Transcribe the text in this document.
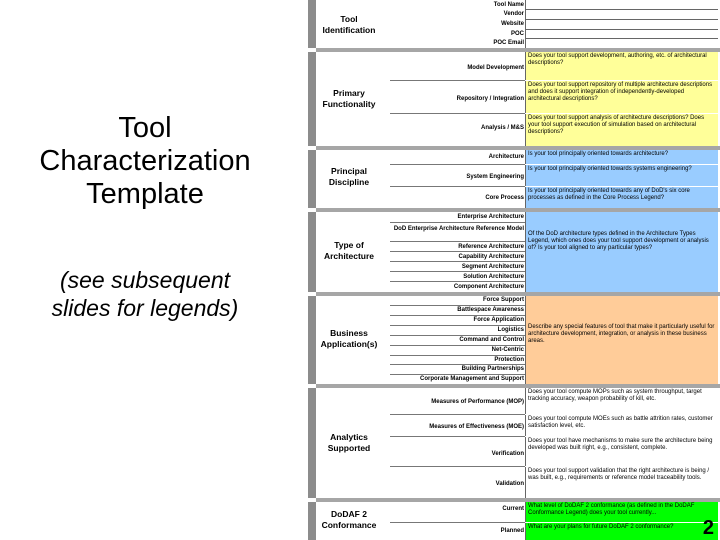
Tool
Characterization
Template
(see subsequent
slides for legends)
Tool
Identification
Tool Name
Vendor
Website
POC
POC Email
Primary
Functionality
Model Development
Repository / Integration
Analysis / M&S
Does your tool support development, authoring, etc. of architectural descriptions?
Does your tool support repository of multiple architecture descriptions and does it support integration of independently-developed architectural descriptions?
Does your tool support analysis of architecture descriptions? Does your tool support execution of simulation based on architectural descriptions?
Principal
Discipline
Architecture
System Engineering
Core Process
Is your tool principally oriented towards architecture?
Is your tool principally oriented towards systems engineering?
Is your tool principally oriented towards any of DoD's six core processes as defined in the Core Process Legend?
Type of
Architecture
Enterprise Architecture
DoD Enterprise Architecture Reference Model
Reference Architecture
Capability Architecture
Segment Architecture
Solution Architecture
Component Architecture
Of the DoD architecture types defined in the Architecture Types Legend, which ones does your tool support development or analysis of? Is your tool aligned to any particular types?
Business
Application(s)
Force Support
Battlespace Awareness
Force Application
Logistics
Command and Control
Net-Centric
Protection
Building Partnerships
Corporate Management and Support
Describe any special features of tool that make it particularly useful for architecture development, integration, or analysis in these business areas.
Analytics
Supported
Measures of Performance (MOP)
Measures of Effectiveness (MOE)
Verification
Validation
Does your tool compute MOPs such as system throughput, target tracking accuracy, weapon probability of kill, etc.
Does your tool compute MOEs such as battle attrition rates, customer satisfaction level, etc.
Does your tool have mechanisms to make sure the architecture being developed was built right, e.g., consistent, complete.
Does your tool support validation that the right architecture is being / was built, e.g., requirements or reference model traceability tools.
DoDAF 2
Conformance
Current
Planned
What level of DoDAF 2 conformance (as defined in the DoDAF Conformance Legend) does your tool currently...
What are your plans for future DoDAF 2 conformance?	2
